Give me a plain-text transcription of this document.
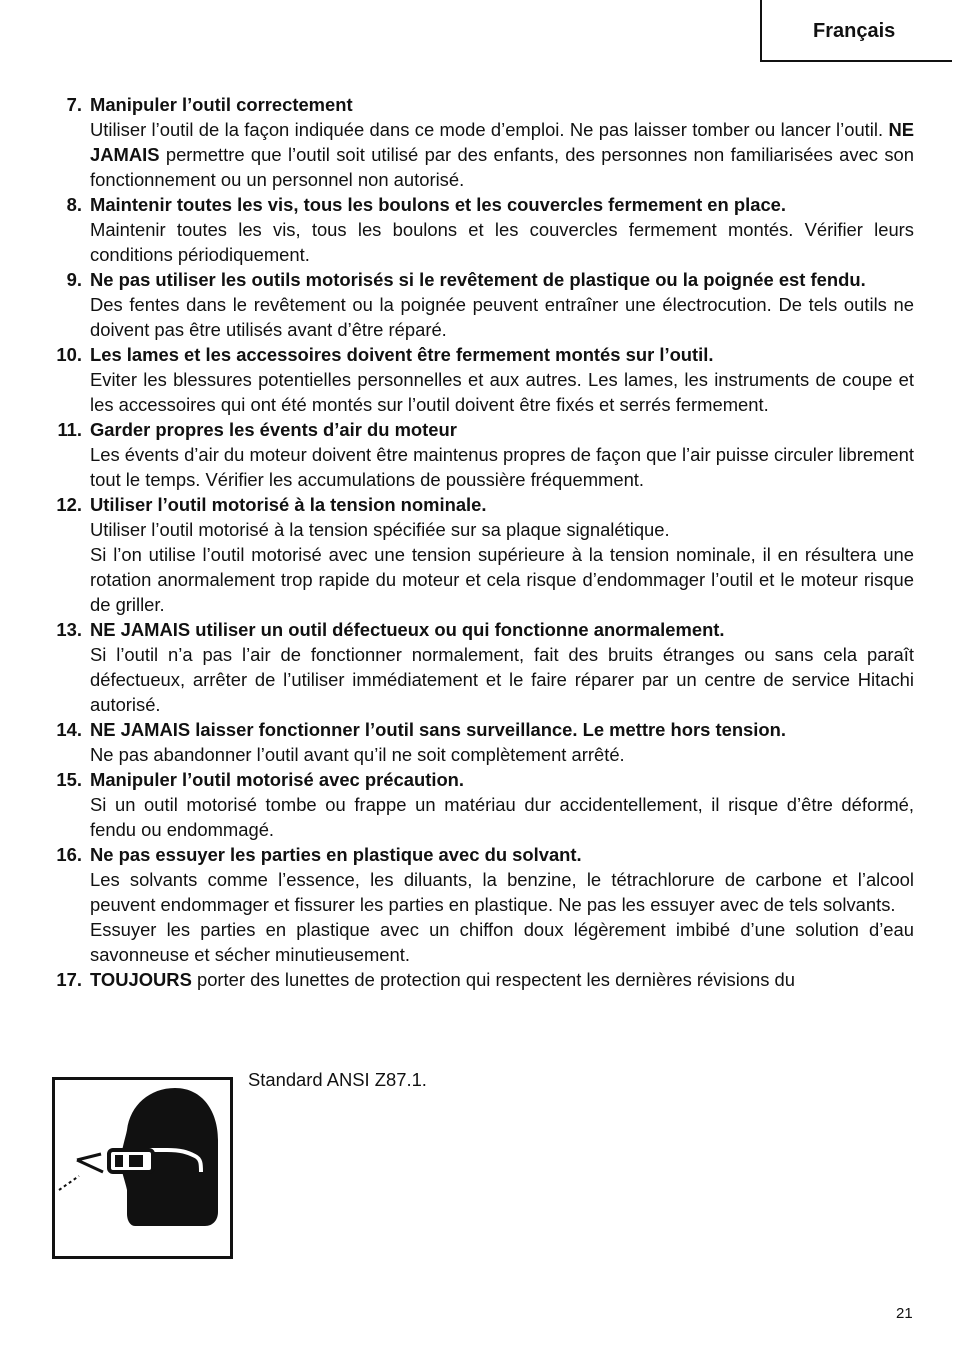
Français
7. Manipuler l’outil correctement
Utiliser l’outil de la façon indiquée dans ce mode d’emploi. Ne pas laisser tomber ou lancer l’outil. NE JAMAIS permettre que l’outil soit utilisé par des enfants, des personnes non familiarisées avec son fonctionnement ou un personnel non autorisé.
8. Maintenir toutes les vis, tous les boulons et les couvercles fermement en place.
Maintenir toutes les vis, tous les boulons et les couvercles fermement montés. Vérifier leurs conditions périodiquement.
9. Ne pas utiliser les outils motorisés si le revêtement de plastique ou la poignée est fendu.
Des fentes dans le revêtement ou la poignée peuvent entraîner une électrocution. De tels outils ne doivent pas être utilisés avant d’être réparé.
10. Les lames et les accessoires doivent être fermement montés sur l’outil.
Eviter les blessures potentielles personnelles et aux autres. Les lames, les instruments de coupe et les accessoires qui ont été montés sur l’outil doivent être fixés et serrés fermement.
11. Garder propres les évents d’air du moteur
Les évents d’air du moteur doivent être maintenus propres de façon que l’air puisse circuler librement tout le temps. Vérifier les accumulations de poussière fréquemment.
12. Utiliser l’outil motorisé à la tension nominale.
Utiliser l’outil motorisé à la tension spécifiée sur sa plaque signalétique.
Si l’on utilise l’outil motorisé avec une tension supérieure à la tension nominale, il en résultera une rotation anormalement trop rapide du moteur et cela risque d’endommager l’outil et le moteur risque de griller.
13. NE JAMAIS utiliser un outil défectueux ou qui fonctionne anormalement.
Si l’outil n’a pas l’air de fonctionner normalement, fait des bruits étranges ou sans cela paraît défectueux, arrêter de l’utiliser immédiatement et le faire réparer par un centre de service Hitachi autorisé.
14. NE JAMAIS laisser fonctionner l’outil sans surveillance. Le mettre hors tension.
Ne pas abandonner l’outil avant qu’il ne soit complètement arrêté.
15. Manipuler l’outil motorisé avec précaution.
Si un outil motorisé tombe ou frappe un matériau dur accidentellement, il risque d’être déformé, fendu ou endommagé.
16. Ne pas essuyer les parties en plastique avec du solvant.
Les solvants comme l’essence, les diluants, la benzine, le tétrachlorure de carbone et l’alcool peuvent endommager et fissurer les parties en plastique. Ne pas les essuyer avec de tels solvants.
Essuyer les parties en plastique avec un chiffon doux légèrement imbibé d’une solution d’eau savonneuse et sécher minutieusement.
17. TOUJOURS porter des lunettes de protection qui respectent les dernières révisions du
Standard ANSI Z87.1.
21
